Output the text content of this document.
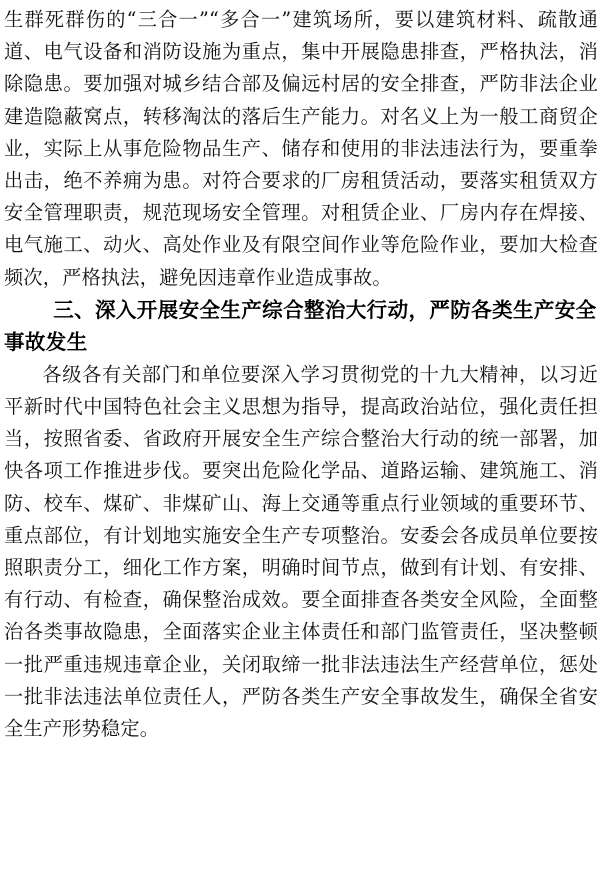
生群死群伤的“三合一”“多合一”建筑场所，要以建筑材料、疏散通道、电气设备和消防设施为重点，集中开展隐患排查，严格执法，消除隐患。要加强对城乡结合部及偏远村居的安全排查，严防非法企业建造隐蔽窝点，转移淘汰的落后生产能力。对名义上为一般工商贸企业，实际上从事危险物品生产、储存和使用的非法违法行为，要重拳出击，绝不养痈为患。对符合要求的厂房租赁活动，要落实租赁双方安全管理职责，规范现场安全管理。对租赁企业、厂房内存在焊接、电气施工、动火、高处作业及有限空间作业等危险作业，要加大检查频次，严格执法，避免因违章作业造成事故。

三、深入开展安全生产综合整治大行动，严防各类生产安全事故发生

各级各有关部门和单位要深入学习贯彻党的十九大精神，以习近平新时代中国特色社会主义思想为指导，提高政治站位，强化责任担当，按照省委、省政府开展安全生产综合整治大行动的统一部署，加快各项工作推进步伐。要突出危险化学品、道路运输、建筑施工、消防、校车、煤矿、非煤矿山、海上交通等重点行业领域的重要环节、重点部位，有计划地实施安全生产专项整治。安委会各成员单位要按照职责分工，细化工作方案，明确时间节点，做到有计划、有安排、有行动、有检查，确保整治成效。要全面排查各类安全风险，全面整治各类事故隐患，全面落实企业主体责任和部门监管责任，坚决整顿一批严重违规违章企业，关闭取缔一批非法违法生产经营单位，惩处一批非法违法单位责任人，严防各类生产安全事故发生，确保全省安全生产形势稳定。
